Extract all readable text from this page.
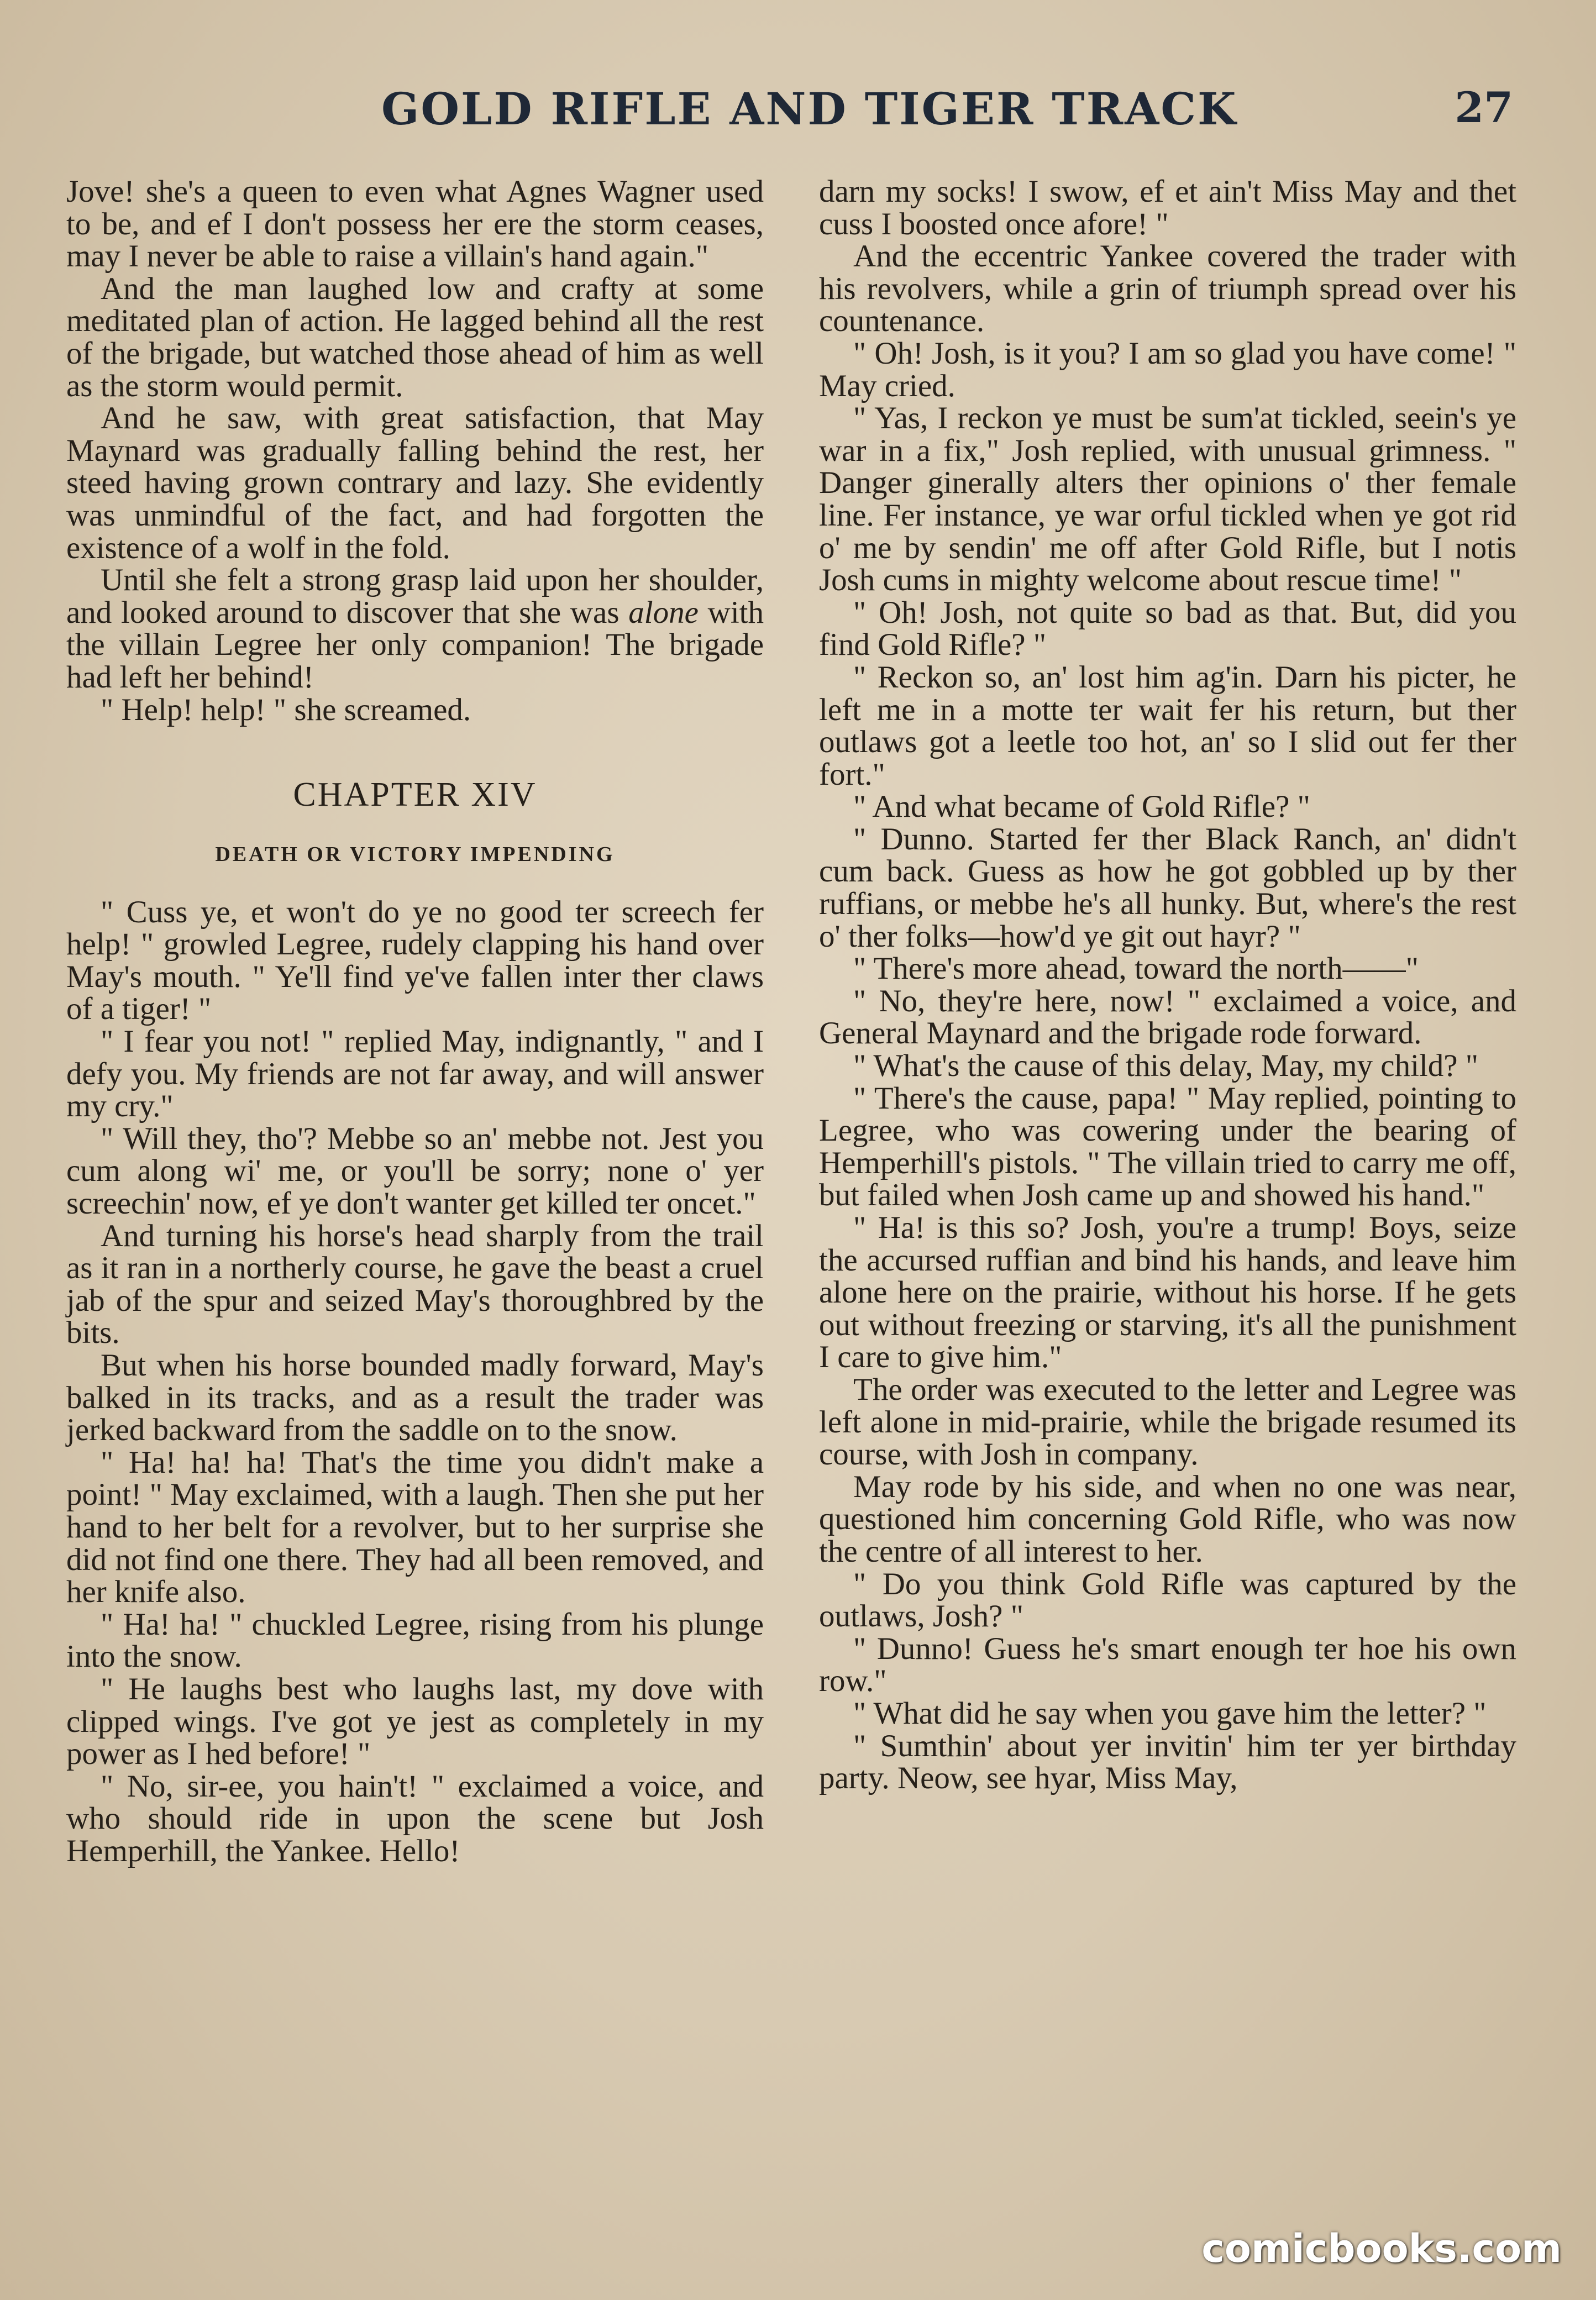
GOLD RIFLE AND TIGER TRACK	27

Jove! she's a queen to even what Agnes Wagner used to be, and ef I don't possess her ere the storm ceases, may I never be able to raise a villain's hand again."

And the man laughed low and crafty at some meditated plan of action. He lagged behind all the rest of the brigade, but watched those ahead of him as well as the storm would permit.

And he saw, with great satisfaction, that May Maynard was gradually falling behind the rest, her steed having grown contrary and lazy. She evidently was unmindful of the fact, and had forgotten the existence of a wolf in the fold.

Until she felt a strong grasp laid upon her shoulder, and looked around to discover that she was alone with the villain Legree her only companion! The brigade had left her behind!

" Help! help! " she screamed.

CHAPTER XIV
DEATH OR VICTORY IMPENDING

" Cuss ye, et won't do ye no good ter screech fer help! " growled Legree, rudely clapping his hand over May's mouth. " Ye'll find ye've fallen inter ther claws of a tiger! "

" I fear you not! " replied May, indignantly, " and I defy you. My friends are not far away, and will answer my cry."

" Will they, tho'? Mebbe so an' mebbe not. Jest you cum along wi' me, or you'll be sorry; none o' yer screechin' now, ef ye don't wanter get killed ter oncet."

And turning his horse's head sharply from the trail as it ran in a northerly course, he gave the beast a cruel jab of the spur and seized May's thoroughbred by the bits.

But when his horse bounded madly forward, May's balked in its tracks, and as a result the trader was jerked backward from the saddle on to the snow.

" Ha! ha! ha! That's the time you didn't make a point! " May exclaimed, with a laugh. Then she put her hand to her belt for a revolver, but to her surprise she did not find one there. They had all been removed, and her knife also.

" Ha! ha! " chuckled Legree, rising from his plunge into the snow.

" He laughs best who laughs last, my dove with clipped wings. I've got ye jest as completely in my power as I hed before! "

" No, sir-ee, you hain't! " exclaimed a voice, and who should ride in upon the scene but Josh Hemperhill, the Yankee. Hello!

darn my socks! I swow, ef et ain't Miss May and thet cuss I boosted once afore! "

And the eccentric Yankee covered the trader with his revolvers, while a grin of triumph spread over his countenance.

" Oh! Josh, is it you? I am so glad you have come! " May cried.

" Yas, I reckon ye must be sum'at tickled, seein's ye war in a fix," Josh replied, with unusual grimness. " Danger ginerally alters ther opinions o' ther female line. Fer instance, ye war orful tickled when ye got rid o' me by sendin' me off after Gold Rifle, but I notis Josh cums in mighty welcome about rescue time! "

" Oh! Josh, not quite so bad as that. But, did you find Gold Rifle? "

" Reckon so, an' lost him ag'in. Darn his picter, he left me in a motte ter wait fer his return, but ther outlaws got a leetle too hot, an' so I slid out fer ther fort."

" And what became of Gold Rifle? "

" Dunno. Started fer ther Black Ranch, an' didn't cum back. Guess as how he got gobbled up by ther ruffians, or mebbe he's all hunky. But, where's the rest o' ther folks—how'd ye git out hayr? "

" There's more ahead, toward the north——"

" No, they're here, now! " exclaimed a voice, and General Maynard and the brigade rode forward.

" What's the cause of this delay, May, my child? "

" There's the cause, papa! " May replied, pointing to Legree, who was cowering under the bearing of Hemperhill's pistols. " The villain tried to carry me off, but failed when Josh came up and showed his hand."

" Ha! is this so? Josh, you're a trump! Boys, seize the accursed ruffian and bind his hands, and leave him alone here on the prairie, without his horse. If he gets out without freezing or starving, it's all the punishment I care to give him."

The order was executed to the letter and Legree was left alone in mid-prairie, while the brigade resumed its course, with Josh in company.

May rode by his side, and when no one was near, questioned him concerning Gold Rifle, who was now the centre of all interest to her.

" Do you think Gold Rifle was captured by the outlaws, Josh? "

" Dunno! Guess he's smart enough ter hoe his own row."

" What did he say when you gave him the letter? "

" Sumthin' about yer invitin' him ter yer birthday party. Neow, see hyar, Miss May,

comicbooks.com
